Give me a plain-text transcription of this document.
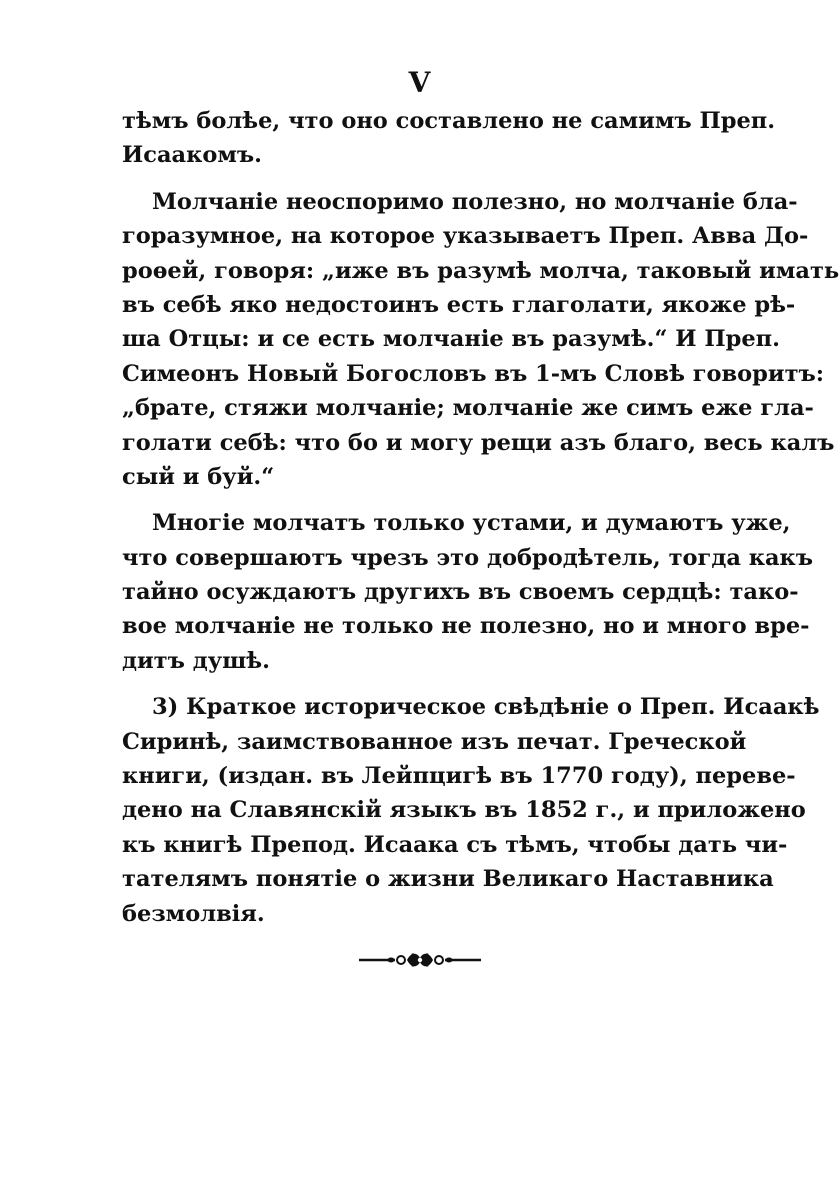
V
тѣмъ болѣе, что оно составлено не самимъ Преп.
Исаакомъ.
Молчаніе неоспоримо полезно, но молчаніе бла-
горазумное, на которое указываетъ Преп. Авва До-
роѳей, говоря: „иже въ разумѣ молча, таковый имать
въ себѣ яко недостоинъ есть глаголати, якоже рѣ-
ша Отцы: и се есть молчаніе въ разумѣ.“ И Преп.
Симеонъ Новый Богословъ въ 1-мъ Словѣ говоритъ:
„брате, стяжи молчаніе; молчаніе же симъ еже гла-
голати себѣ: что бо и могу рещи азъ благо, весь калъ
сый и буй.“
Многіе молчатъ только устами, и думаютъ уже,
что совершаютъ чрезъ это добродѣтель, тогда какъ
тайно осуждаютъ другихъ въ своемъ сердцѣ: тако-
вое молчаніе не только не полезно, но и много вре-
дитъ душѣ.
3) Краткое историческое свѣдѣніе о Преп. Исаакѣ
Сиринѣ, заимствованное изъ печат. Греческой
книги, (издан. въ Лейпцигѣ въ 1770 году), переве-
дено на Славянскій языкъ въ 1852 г., и приложено
къ книгѣ Препод. Исаака съ тѣмъ, чтобы дать чи-
тателямъ понятіе о жизни Великаго Наставника
безмолвія.
